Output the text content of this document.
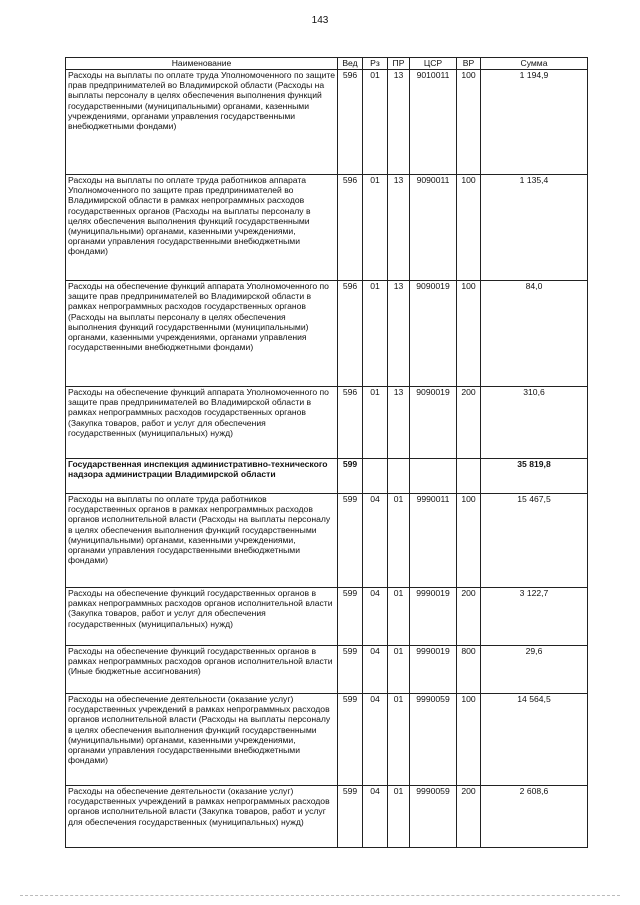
143
Наименование	Вед	Рз	ПР	ЦСР	ВР	Сумма
Расходы на выплаты по оплате труда Уполномоченного по защите прав предпринимателей во Владимирской области (Расходы на выплаты персоналу в целях обеспечения выполнения функций государственными (муниципальными) органами, казенными учреждениями, органами управления государственными внебюджетными фондами)	596	01	13	9010011	100	1 194,9
Расходы на выплаты по оплате труда работников аппарата Уполномоченного по защите прав предпринимателей во Владимирской области в рамках непрограммных расходов государственных органов (Расходы на выплаты персоналу в целях обеспечения выполнения функций государственными (муниципальными) органами, казенными учреждениями, органами управления государственными внебюджетными фондами)	596	01	13	9090011	100	1 135,4
Расходы на обеспечение функций аппарата Уполномоченного по защите прав предпринимателей во Владимирской области в рамках непрограммных расходов государственных органов (Расходы на выплаты персоналу в целях обеспечения выполнения функций государственными (муниципальными) органами, казенными учреждениями, органами управления государственными внебюджетными фондами)	596	01	13	9090019	100	84,0
Расходы на обеспечение функций аппарата Уполномоченного по защите прав предпринимателей во Владимирской области в рамках непрограммных расходов государственных органов (Закупка товаров, работ и услуг для обеспечения государственных (муниципальных) нужд)	596	01	13	9090019	200	310,6
Государственная инспекция административно-технического надзора администрации Владимирской области	599					35 819,8
Расходы на выплаты по оплате труда работников государственных органов в рамках непрограммных расходов органов исполнительной власти (Расходы на выплаты персоналу в целях обеспечения выполнения функций государственными (муниципальными) органами, казенными учреждениями, органами управления государственными внебюджетными фондами)	599	04	01	9990011	100	15 467,5
Расходы на обеспечение функций государственных органов в рамках непрограммных расходов органов исполнительной власти (Закупка товаров, работ и услуг для обеспечения государственных (муниципальных) нужд)	599	04	01	9990019	200	3 122,7
Расходы на обеспечение функций государственных органов в рамках непрограммных расходов органов исполнительной власти (Иные бюджетные ассигнования)	599	04	01	9990019	800	29,6
Расходы на обеспечение деятельности (оказание услуг) государственных учреждений в рамках непрограммных расходов органов исполнительной власти (Расходы на выплаты персоналу в целях обеспечения выполнения функций государственными (муниципальными) органами, казенными учреждениями, органами управления государственными внебюджетными фондами)	599	04	01	9990059	100	14 564,5
Расходы на обеспечение деятельности (оказание услуг) государственных учреждений в рамках непрограммных расходов органов исполнительной власти (Закупка товаров, работ и услуг для обеспечения государственных (муниципальных) нужд)	599	04	01	9990059	200	2 608,6
